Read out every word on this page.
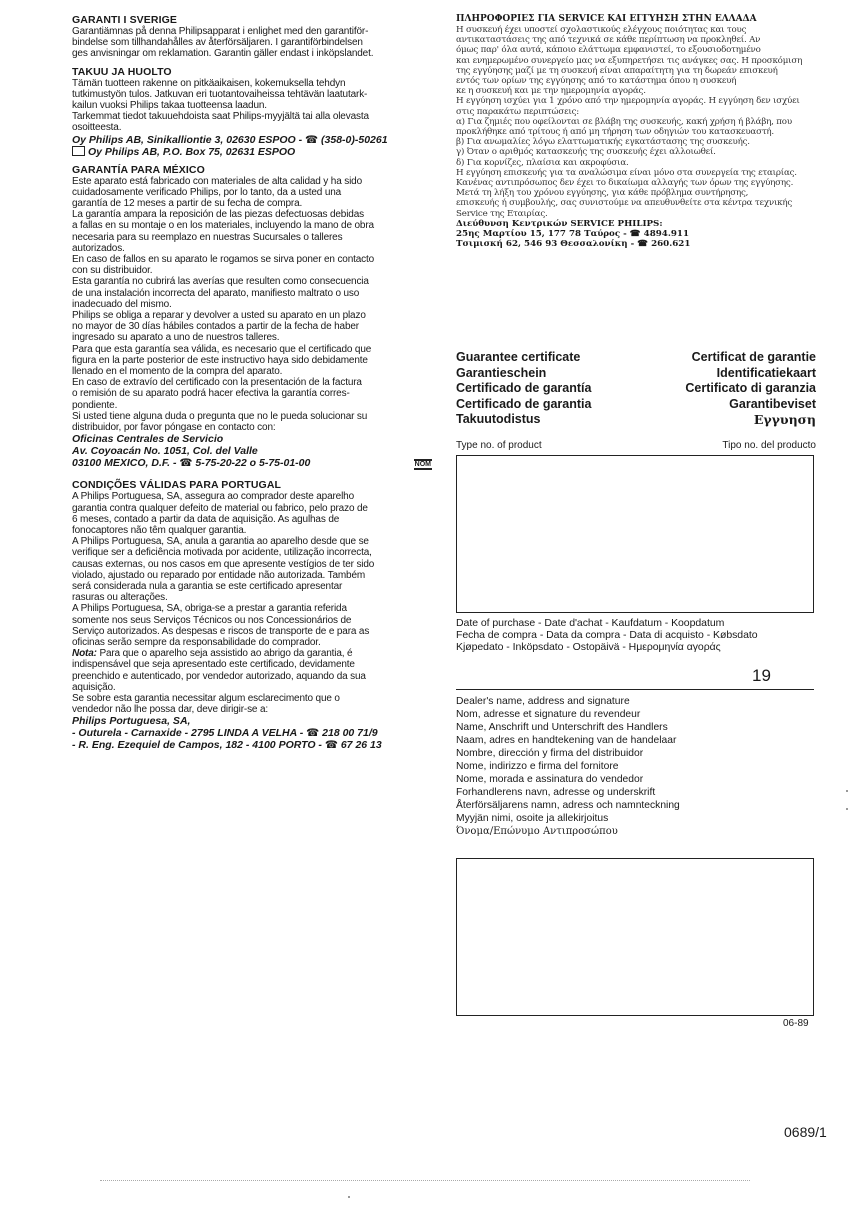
GARANTI I SVERIGE

Garantiämnas på denna Philipsapparat i enlighet med den garantiför-

bindelse som tillhandahålles av återförsäljaren. I garantiförbindelsen

ges anvisningar om reklamation. Garantin gäller endast i inköpslandet.

TAKUU JA HUOLTO

Tämän tuotteen rakenne on pitkäaikaisen, kokemuksella tehdyn

tutkimustyön tulos. Jatkuvan eri tuotantovaiheissa tehtävän laatutark-

kailun vuoksi Philips takaa tuotteensa laadun.

Tarkemmat tiedot takuuehdoista saat Philips-myyjältä tai alla olevasta

osoitteesta.

Oy Philips AB, Sinikalliontie 3, 02630 ESPOO - ☎ (358-0)-50261

Oy Philips AB, P.O. Box 75, 02631 ESPOO

GARANTÍA PARA MÉXICO

Este aparato está fabricado con materiales de alta calidad y ha sido

cuidadosamente verificado Philips, por lo tanto, da a usted una

garantía de 12 meses a partir de su fecha de compra.

La garantía ampara la reposición de las piezas defectuosas debidas

a fallas en su montaje o en los materiales, incluyendo la mano de obra

necesaria para su reemplazo en nuestras Sucursales o talleres

autorizados.

En caso de fallos en su aparato le rogamos se sirva poner en contacto

con su distribuidor.

Esta garantía no cubrirá las averías que resulten como consecuencia

de una instalación incorrecta del aparato, manifiesto maltrato o uso

inadecuado del mismo.

Philips se obliga a reparar y devolver a usted su aparato en un plazo

no mayor de 30 días hábiles contados a partir de la fecha de haber

ingresado su aparato a uno de nuestros talleres.

Para que esta garantía sea válida, es necesario que el certificado que

figura en la parte posterior de este instructivo haya sido debidamente

llenado en el momento de la compra del aparato.

En caso de extravío del certificado con la presentación de la factura

o remisión de su aparato podrá hacer efectiva la garantía corres-

pondiente.

Si usted tiene alguna duda o pregunta que no le pueda solucionar su

distribuidor, por favor póngase en contacto con:

Oficinas Centrales de Servicio

Av. Coyoacán No. 1051, Col. del Valle

03100 MEXICO, D.F. - ☎ 5-75-20-22 o 5-75-01-00	NOM

CONDIÇÕES VÁLIDAS PARA PORTUGAL

A Philips Portuguesa, SA, assegura ao comprador deste aparelho

garantia contra qualquer defeito de material ou fabrico, pelo prazo de

6 meses, contado a partir da data de aquisição. As agulhas de

fonocaptores não têm qualquer garantia.

A Philips Portuguesa, SA, anula a garantia ao aparelho desde que se

verifique ser a deficiência motivada por acidente, utilização incorrecta,

causas externas, ou nos casos em que apresente vestígios de ter sido

violado, ajustado ou reparado por entidade não autorizada. Também

será considerada nula a garantia se este certificado apresentar

rasuras ou alterações.

A Philips Portuguesa, SA, obriga-se a prestar a garantia referida

somente nos seus Serviços Técnicos ou nos Concessionários de

Serviço autorizados. As despesas e riscos de transporte de e para as

oficinas serão sempre da responsabilidade do comprador.

Nota: Para que o aparelho seja assistido ao abrigo da garantia, é

indispensável que seja apresentado este certificado, devidamente

preenchido e autenticado, por vendedor autorizado, aquando da sua

aquisição.

Se sobre esta garantia necessitar algum esclarecimento que o

vendedor não lhe possa dar, deve dirigir-se a:

Philips Portuguesa, SA,

- Outurela - Carnaxide - 2795 LINDA A VELHA - ☎ 218 00 71/9

- R. Eng. Ezequiel de Campos, 182 - 4100 PORTO - ☎ 67 26 13

ΠΛΗΡΟΦΟΡΙΕΣ ΓΙΑ SERVICE ΚΑΙ ΕΓΓΥΗΣΗ ΣΤΗΝ ΕΛΛΑΔΑ

Η συσκευή έχει υποστεί σχολαστικούς ελέγχους ποιότητας και τους

αντικαταστάσεις της από τεχνικά σε κάθε περίπτωση να προκληθεί. Αν

όμως παρ' όλα αυτά, κάποιο ελάττωμα εμφανιστεί, το εξουσιοδοτημένο

και ενημερωμένο συνεργείο μας να εξυπηρετήσει τις ανάγκες σας. Η προσκόμιση

της εγγύησης μαζί με τη συσκευή είναι απαραίτητη για τη δωρεάν επισκευή

εντός των ορίων της εγγύησης από το κατάστημα όπου η συσκευή

κε η συσκευή και με την ημερομηνία αγοράς.

Η εγγύηση ισχύει για 1 χρόνο από την ημερομηνία αγοράς. Η εγγύηση δεν ισχύει

στις παρακάτω περιπτώσεις:

α) Για ζημιές που οφείλονται σε βλάβη της συσκευής, κακή χρήση ή βλάβη, που

προκλήθηκε από τρίτους ή από μη τήρηση των οδηγιών του κατασκευαστή.

β) Για ανωμαλίες λόγω ελαττωματικής εγκατάστασης της συσκευής.

γ) Όταν ο αριθμός κατασκευής της συσκευής έχει αλλοιωθεί.

δ) Για κορνίζες, πλαίσια και ακροφύσια.

Η εγγύηση επισκευής για τα αναλώσιμα είναι μόνο στα συνεργεία της εταιρίας.

Κανένας αντιπρόσωπος δεν έχει το δικαίωμα αλλαγής των όρων της εγγύησης.

Μετά τη λήξη του χρόνου εγγύησης, για κάθε πρόβλημα συντήρησης,

επισκευής ή συμβουλής, σας συνιστούμε να απευθυνθείτε στα κέντρα τεχνικής

Service της Εταιρίας.

Διεύθυνση Κεντρικών SERVICE PHILIPS:

25ης Μαρτίου 15, 177 78 Ταύρος - ☎ 4894.911

Τσιμισκή 62, 546 93 Θεσσαλονίκη - ☎ 260.621

Guarantee certificate
Garantieschein
Certificado de garantía
Certificado de garantia
Takuutodistus
Certificat de garantie
Identificatiekaart
Certificato di garanzia
Garantibeviset
Εγγυηση
Type no. of product	Tipo no. del producto
Date of purchase - Date d'achat - Kaufdatum - Koopdatum
Fecha de compra - Data da compra - Data di acquisto - Købsdato
Kjøpedato - Inköpsdato - Ostopäivä - Ημερομηνία αγοράς
19
Dealer's name, address and signature
Nom, adresse et signature du revendeur
Name, Anschrift und Unterschrift des Handlers
Naam, adres en handtekening van de handelaar
Nombre, dirección y firma del distribuidor
Nome, indirizzo e firma del fornitore
Nome, morada e assinatura do vendedor
Forhandlerens navn, adresse og underskrift
Återförsäljarens namn, adress och namnteckning
Myyjän nimi, osoite ja allekirjoitus
Όνομα/Επώνυμο Αντιπροσώπου
06-89
0689/1
